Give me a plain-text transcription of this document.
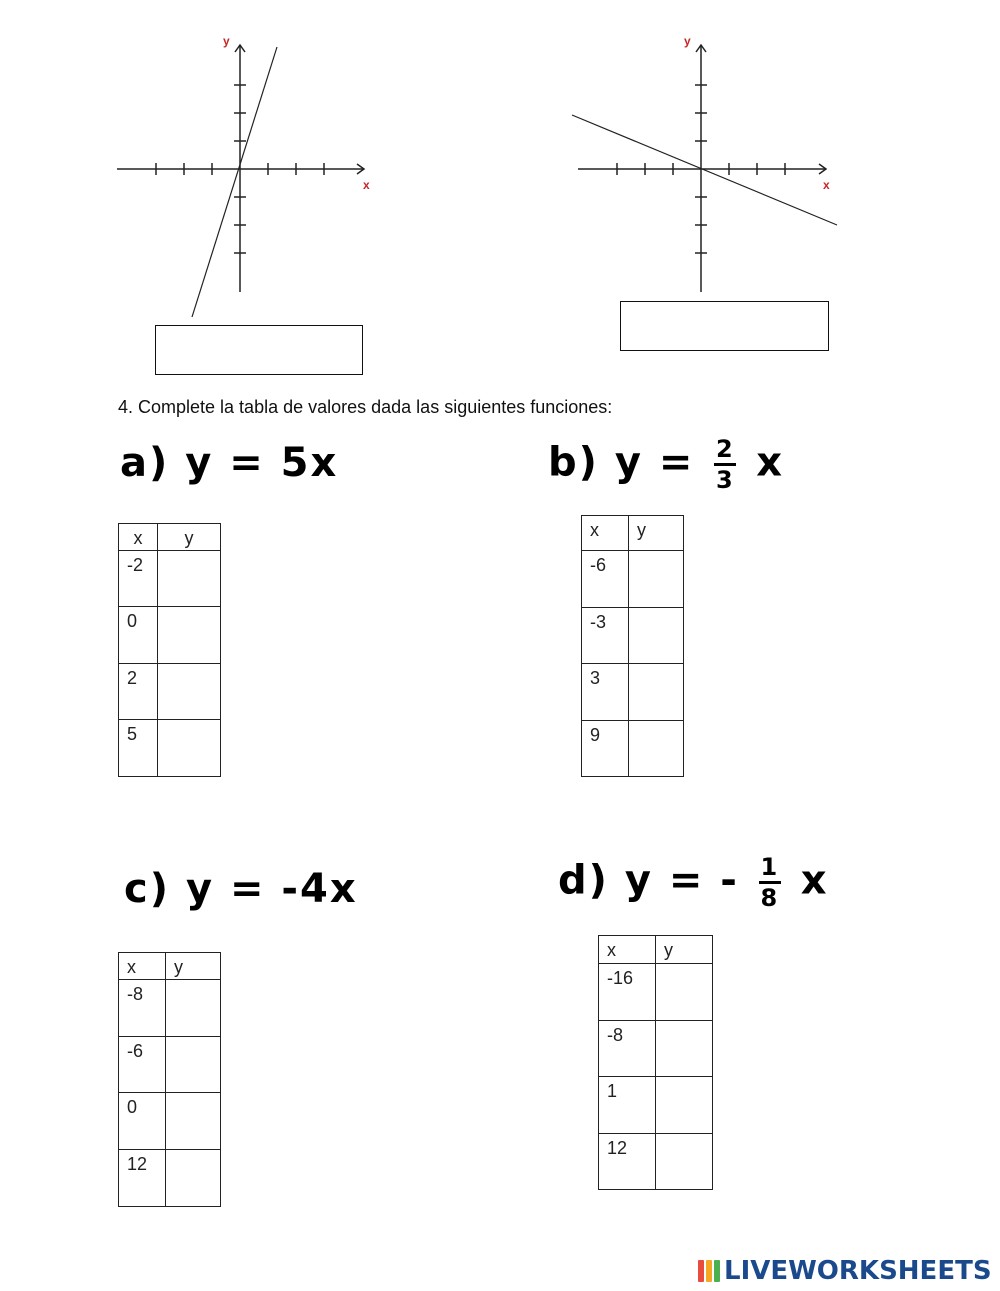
y
x
y
x
4. Complete la tabla de valores dada las siguientes funciones:
a) y = 5x	b) $y = \frac{2}{3}$ x
c) y = -4x	d) y = - $\frac{1}{8}$ x
x	y
-2	
0	
2	
5	
x	y
-6	
-3	
3	
9	
x	y
-8	
-6	
0	
12	
x	y
-16	
-8	
1	
12	
LIVEWORKSHEETS
